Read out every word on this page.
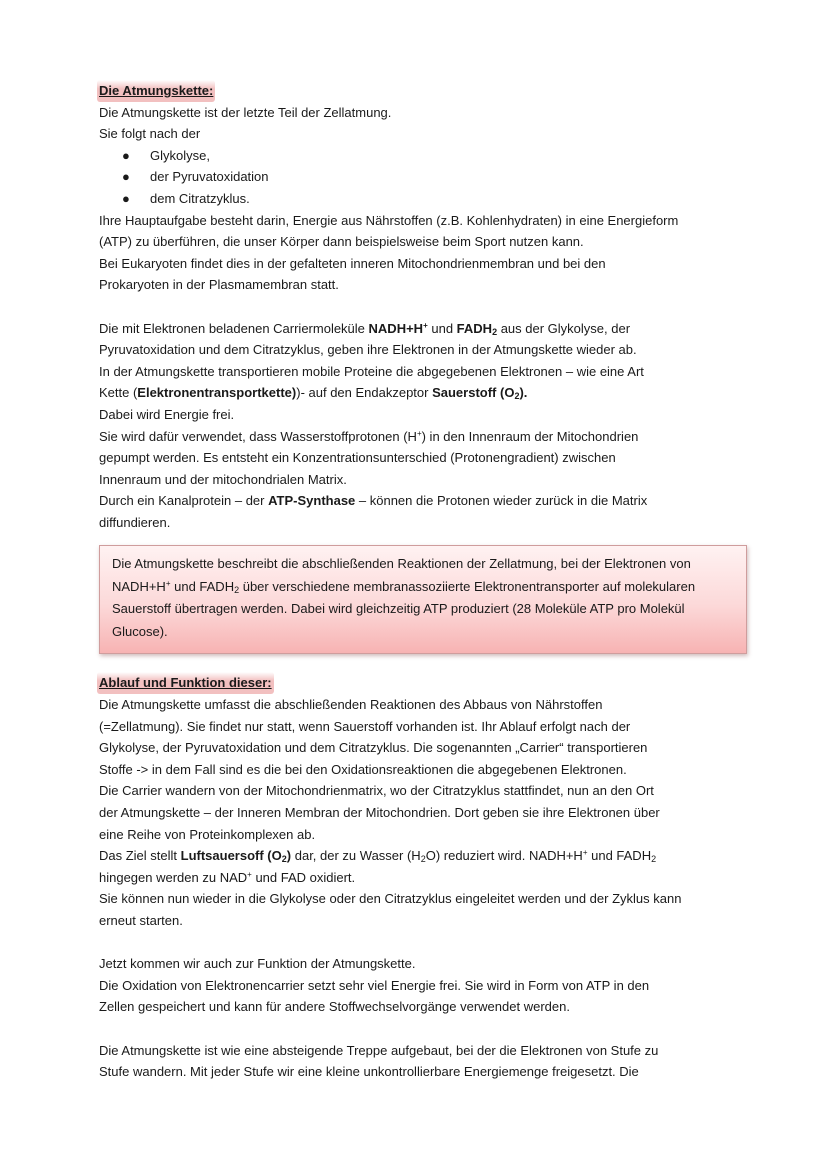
Die Atmungskette:
Die Atmungskette ist der letzte Teil der Zellatmung.
Sie folgt nach der
● Glykolyse,
● der Pyruvatoxidation
● dem Citratzyklus.
Ihre Hauptaufgabe besteht darin, Energie aus Nährstoffen (z.B. Kohlenhydraten) in eine Energieform
(ATP) zu überführen, die unser Körper dann beispielsweise beim Sport nutzen kann.
Bei Eukaryoten findet dies in der gefalteten inneren Mitochondrienmembran und bei den
Prokaryoten in der Plasmamembran statt.
Die mit Elektronen beladenen Carriermoleküle NADH+H+ und $FADH_2$ aus der Glykolyse, der
Pyruvatoxidation und dem Citratzyklus, geben ihre Elektronen in der Atmungskette wieder ab.
In der Atmungskette transportieren mobile Proteine die abgegebenen Elektronen – wie eine Art
Kette (Elektronentransportkette))- auf den Endakzeptor Sauerstoff $(O_2)$.
Dabei wird Energie frei.
Sie wird dafür verwendet, dass Wasserstoffprotonen (H+) in den Innenraum der Mitochondrien
gepumpt werden. Es entsteht ein Konzentrationsunterschied (Protonengradient) zwischen
Innenraum und der mitochondrialen Matrix.
Durch ein Kanalprotein – der ATP-Synthase – können die Protonen wieder zurück in die Matrix
diffundieren.
Die Atmungskette beschreibt die abschließenden Reaktionen der Zellatmung, bei der Elektronen von NADH+H+ und $FADH_2$ über verschiedene membranassoziierte Elektronentransporter auf molekularen Sauerstoff übertragen werden. Dabei wird gleichzeitig ATP produziert (28 Moleküle ATP pro Molekül Glucose).
Ablauf und Funktion dieser:
Die Atmungskette umfasst die abschließenden Reaktionen des Abbaus von Nährstoffen
(=Zellatmung). Sie findet nur statt, wenn Sauerstoff vorhanden ist. Ihr Ablauf erfolgt nach der
Glykolyse, der Pyruvatoxidation und dem Citratzyklus. Die sogenannten „Carrier“ transportieren
Stoffe -> in dem Fall sind es die bei den Oxidationsreaktionen die abgegebenen Elektronen.
Die Carrier wandern von der Mitochondrienmatrix, wo der Citratzyklus stattfindet, nun an den Ort
der Atmungskette – der Inneren Membran der Mitochondrien. Dort geben sie ihre Elektronen über
eine Reihe von Proteinkomplexen ab.
Das Ziel stellt Luftsauersoff $(O_2)$ dar, der zu Wasser $(H_2O)$ reduziert wird. NADH+H+ und $FADH_2$
hingegen werden zu NAD+ und FAD oxidiert.
Sie können nun wieder in die Glykolyse oder den Citratzyklus eingeleitet werden und der Zyklus kann
erneut starten.
Jetzt kommen wir auch zur Funktion der Atmungskette.
Die Oxidation von Elektronencarrier setzt sehr viel Energie frei. Sie wird in Form von ATP in den
Zellen gespeichert und kann für andere Stoffwechselvorgänge verwendet werden.
Die Atmungskette ist wie eine absteigende Treppe aufgebaut, bei der die Elektronen von Stufe zu
Stufe wandern. Mit jeder Stufe wir eine kleine unkontrollierbare Energiemenge freigesetzt. Die
